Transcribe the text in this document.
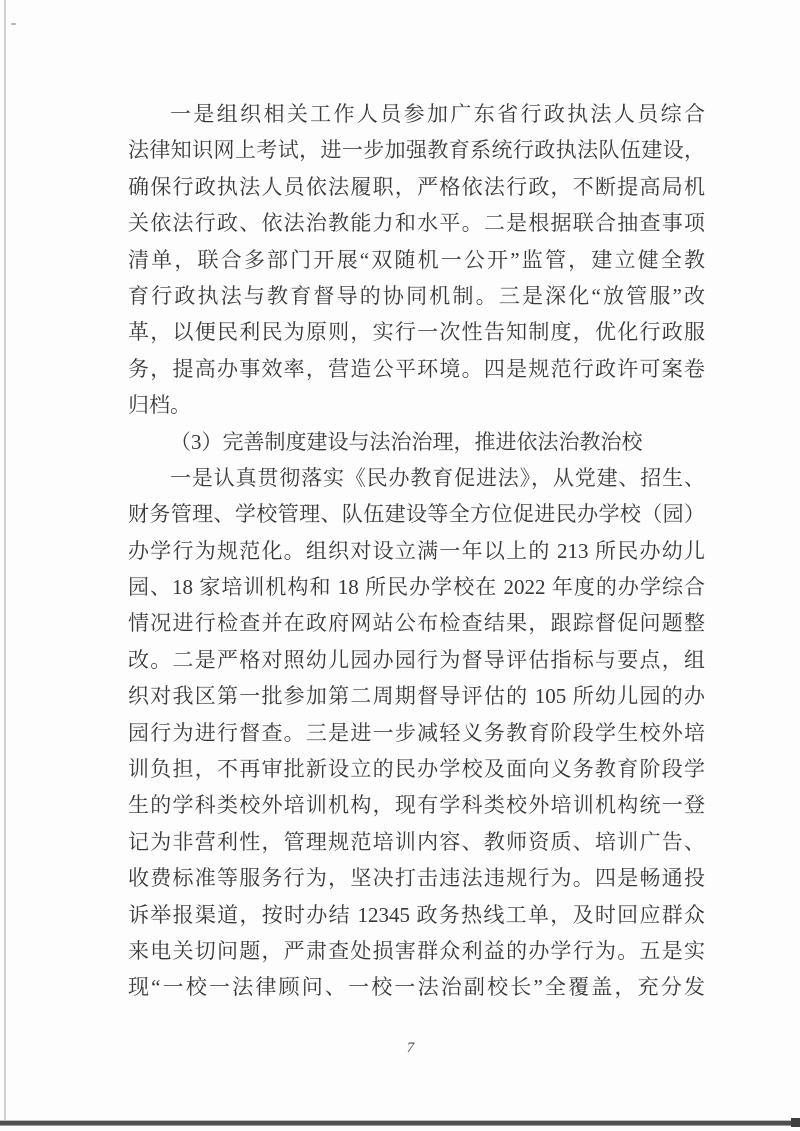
一是组织相关工作人员参加广东省行政执法人员综合
法律知识网上考试，进一步加强教育系统行政执法队伍建设，
确保行政执法人员依法履职，严格依法行政，不断提高局机
关依法行政、依法治教能力和水平。二是根据联合抽查事项
清单，联合多部门开展“双随机一公开”监管，建立健全教
育行政执法与教育督导的协同机制。三是深化“放管服”改
革，以便民利民为原则，实行一次性告知制度，优化行政服
务，提高办事效率，营造公平环境。四是规范行政许可案卷
归档。
（3）完善制度建设与法治治理，推进依法治教治校
一是认真贯彻落实《民办教育促进法》，从党建、招生、
财务管理、学校管理、队伍建设等全方位促进民办学校（园）
办学行为规范化。组织对设立满一年以上的 213 所民办幼儿
园、18 家培训机构和 18 所民办学校在 2022 年度的办学综合
情况进行检查并在政府网站公布检查结果，跟踪督促问题整
改。二是严格对照幼儿园办园行为督导评估指标与要点，组
织对我区第一批参加第二周期督导评估的 105 所幼儿园的办
园行为进行督查。三是进一步减轻义务教育阶段学生校外培
训负担，不再审批新设立的民办学校及面向义务教育阶段学
生的学科类校外培训机构，现有学科类校外培训机构统一登
记为非营利性，管理规范培训内容、教师资质、培训广告、
收费标准等服务行为，坚决打击违法违规行为。四是畅通投
诉举报渠道，按时办结 12345 政务热线工单，及时回应群众
来电关切问题，严肃查处损害群众利益的办学行为。五是实
现“一校一法律顾问、一校一法治副校长”全覆盖，充分发
7
